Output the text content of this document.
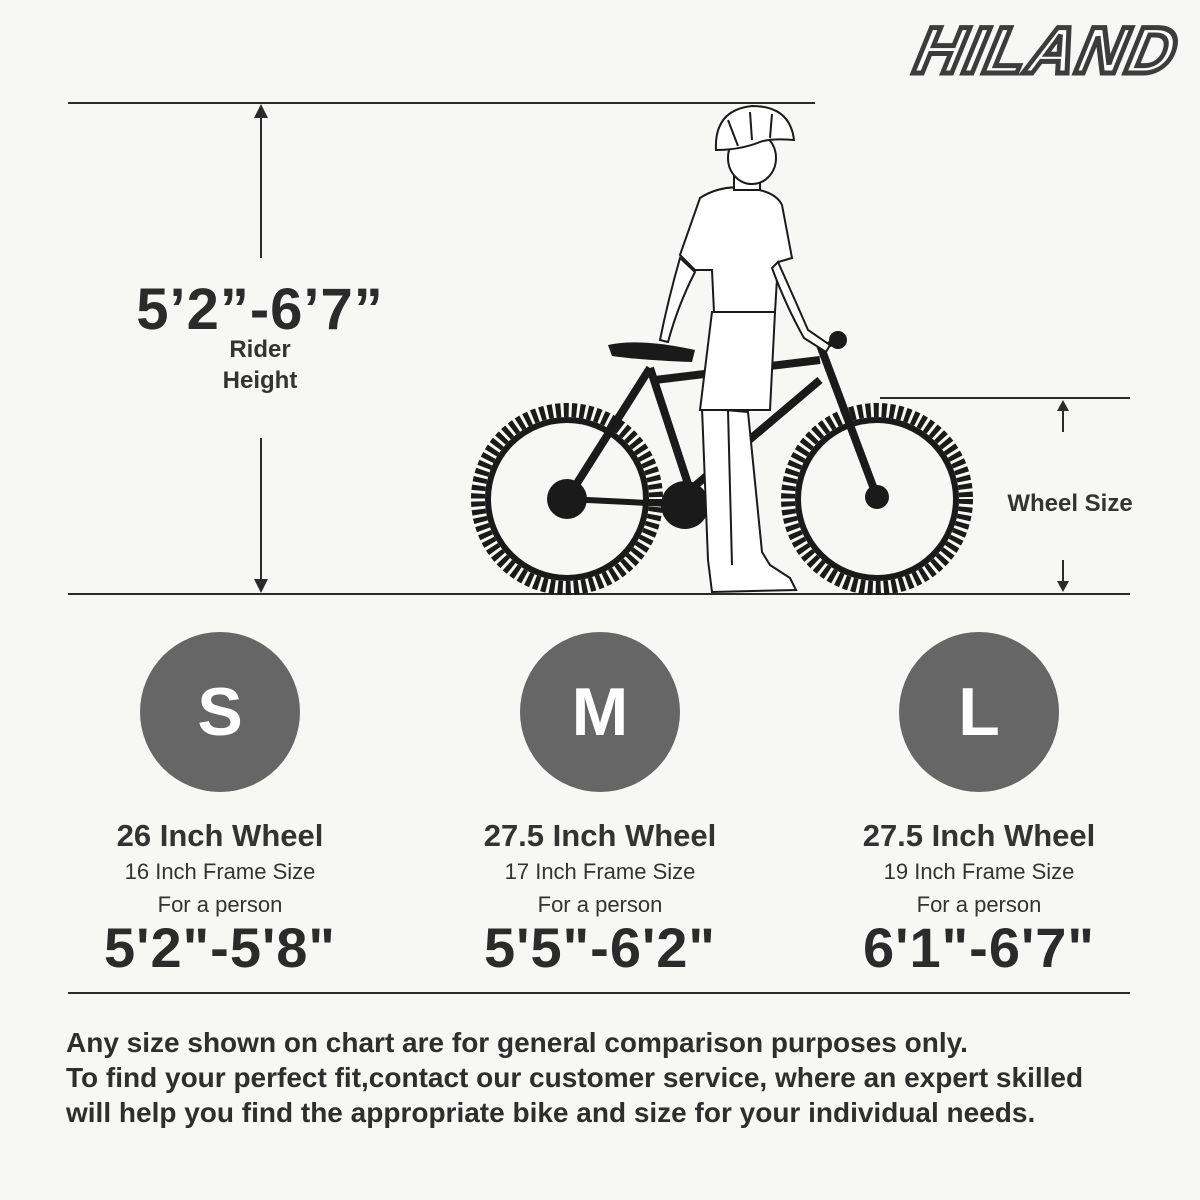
HILAND
5’2”-6’7”
Rider
Height
Wheel Size
S
26 Inch Wheel
16 Inch Frame Size
For a person
5'2"-5'8"
M
27.5 Inch Wheel
17 Inch Frame Size
For a person
5'5"-6'2"
L
27.5 Inch Wheel
19 Inch Frame Size
For a person
6'1"-6'7"
Any size shown on chart are for general comparison purposes only.
To find your perfect fit,contact our customer service, where an expert skilled
will help you find the appropriate bike and size for your individual needs.
